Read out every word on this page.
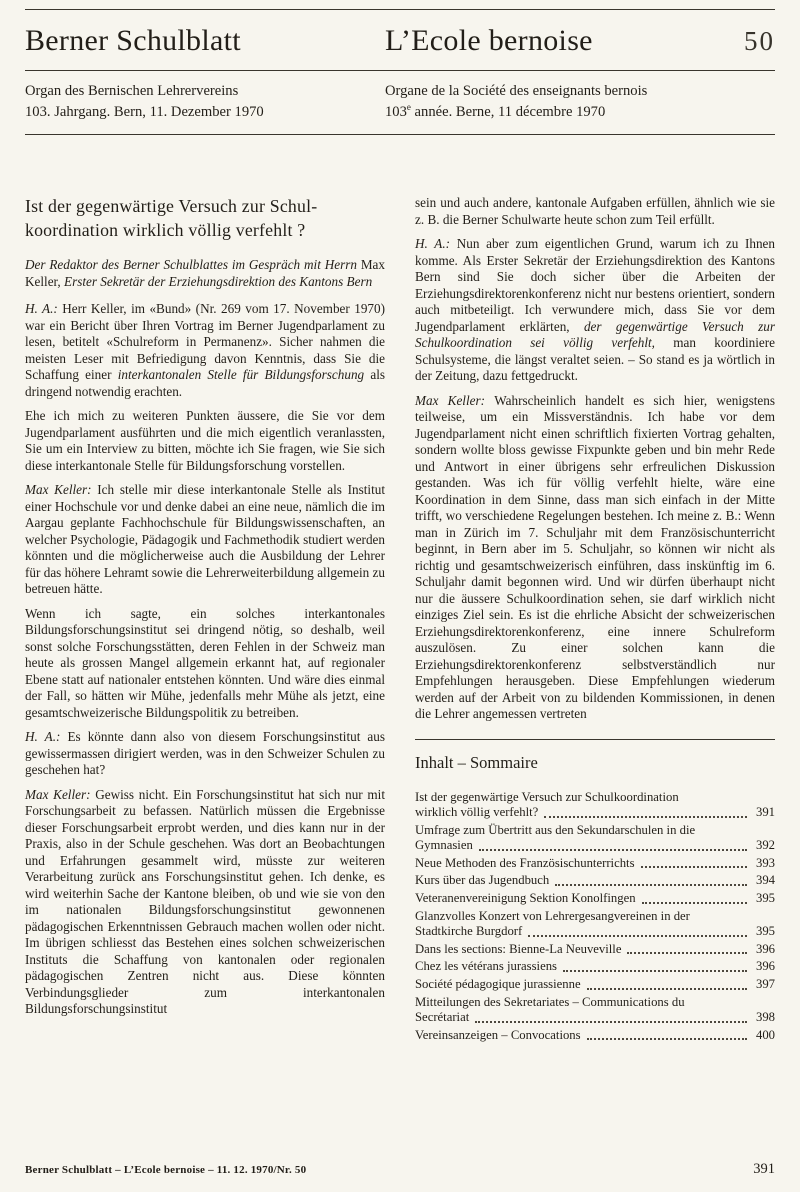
Berner Schulblatt	L’Ecole bernoise	50
Organ des Bernischen Lehrervereins
103. Jahrgang. Bern, 11. Dezember 1970
Organe de la Société des enseignants bernois
103e année. Berne, 11 décembre 1970
Ist der gegenwärtige Versuch zur Schul-
koordination wirklich völlig verfehlt ?

Der Redaktor des Berner Schulblattes im Gespräch mit Herrn Max Keller, Erster Sekretär der Erziehungsdirektion des Kantons Bern

H. A.: Herr Keller, im «Bund» (Nr. 269 vom 17. November 1970) war ein Bericht über Ihren Vortrag im Berner Jugendparlament zu lesen, betitelt «Schulreform in Permanenz». Sicher nahmen die meisten Leser mit Befriedigung davon Kenntnis, dass Sie die Schaffung einer interkantonalen Stelle für Bildungsforschung als dringend notwendig erachten.

Ehe ich mich zu weiteren Punkten äussere, die Sie vor dem Jugendparlament ausführten und die mich eigentlich veranlassten, Sie um ein Interview zu bitten, möchte ich Sie fragen, wie Sie sich diese interkantonale Stelle für Bildungsforschung vorstellen.

Max Keller: Ich stelle mir diese interkantonale Stelle als Institut einer Hochschule vor und denke dabei an eine neue, nämlich die im Aargau geplante Fachhochschule für Bildungswissenschaften, an welcher Psychologie, Pädagogik und Fachmethodik studiert werden könnten und die möglicherweise auch die Ausbildung der Lehrer für das höhere Lehramt sowie die Lehrerweiterbildung allgemein zu betreuen hätte.

Wenn ich sagte, ein solches interkantonales Bildungsforschungsinstitut sei dringend nötig, so deshalb, weil sonst solche Forschungsstätten, deren Fehlen in der Schweiz man heute als grossen Mangel allgemein erkannt hat, auf regionaler Ebene statt auf nationaler entstehen könnten. Und wäre dies einmal der Fall, so hätten wir Mühe, jedenfalls mehr Mühe als jetzt, eine gesamtschweizerische Bildungspolitik zu betreiben.

H. A.: Es könnte dann also von diesem Forschungsinstitut aus gewissermassen dirigiert werden, was in den Schweizer Schulen zu geschehen hat?

Max Keller: Gewiss nicht. Ein Forschungsinstitut hat sich nur mit Forschungsarbeit zu befassen. Natürlich müssen die Ergebnisse dieser Forschungsarbeit erprobt werden, und dies kann nur in der Praxis, also in der Schule geschehen. Was dort an Beobachtungen und Erfahrungen gesammelt wird, müsste zur weiteren Verarbeitung zurück ans Forschungsinstitut gehen. Ich denke, es wird weiterhin Sache der Kantone bleiben, ob und wie sie von den im nationalen Bildungsforschungsinstitut gewonnenen pädagogischen Erkenntnissen Gebrauch machen wollen oder nicht. Im übrigen schliesst das Bestehen eines solchen schweizerischen Instituts die Schaffung von kantonalen oder regionalen pädagogischen Zentren nicht aus. Diese könnten Verbindungsglieder zum interkantonalen Bildungsforschungsinstitut

sein und auch andere, kantonale Aufgaben erfüllen, ähnlich wie sie z. B. die Berner Schulwarte heute schon zum Teil erfüllt.

H. A.: Nun aber zum eigentlichen Grund, warum ich zu Ihnen komme. Als Erster Sekretär der Erziehungsdirektion des Kantons Bern sind Sie doch sicher über die Arbeiten der Erziehungsdirektorenkonferenz nicht nur bestens orientiert, sondern auch mitbeteiligt. Ich verwundere mich, dass Sie vor dem Jugendparlament erklärten, der gegenwärtige Versuch zur Schulkoordination sei völlig verfehlt, man koordiniere Schulsysteme, die längst veraltet seien. – So stand es ja wörtlich in der Zeitung, dazu fettgedruckt.

Max Keller: Wahrscheinlich handelt es sich hier, wenigstens teilweise, um ein Missverständnis. Ich habe vor dem Jugendparlament nicht einen schriftlich fixierten Vortrag gehalten, sondern wollte bloss gewisse Fixpunkte geben und bin mehr Rede und Antwort in einer übrigens sehr erfreulichen Diskussion gestanden. Was ich für völlig verfehlt hielte, wäre eine Koordination in dem Sinne, dass man sich einfach in der Mitte trifft, wo verschiedene Regelungen bestehen. Ich meine z. B.: Wenn man in Zürich im 7. Schuljahr mit dem Französischunterricht beginnt, in Bern aber im 5. Schuljahr, so können wir nicht als richtig und gesamtschweizerisch einführen, dass inskünftig im 6. Schuljahr damit begonnen wird. Und wir dürfen überhaupt nicht nur die äussere Schulkoordination sehen, sie darf wirklich nicht einziges Ziel sein. Es ist die ehrliche Absicht der schweizerischen Erziehungsdirektorenkonferenz, eine innere Schulreform auszulösen. Zu einer solchen kann die Erziehungsdirektorenkonferenz selbstverständlich nur Empfehlungen herausgeben. Diese Empfehlungen wiederum werden auf der Arbeit von zu bildenden Kommissionen, in denen die Lehrer angemessen vertreten

Inhalt – Sommaire
Ist der gegenwärtige Versuch zur Schulkoordination
wirklich völlig verfehlt?	391
Umfrage zum Übertritt aus den Sekundarschulen in die
Gymnasien	392
Neue Methoden des Französischunterrichts	393
Kurs über das Jugendbuch	394
Veteranenvereinigung Sektion Konolfingen	395
Glanzvolles Konzert von Lehrergesangvereinen in der
Stadtkirche Burgdorf	395
Dans les sections: Bienne-La Neuveville	396
Chez les vétérans jurassiens	396
Société pédagogique jurassienne	397
Mitteilungen des Sekretariates – Communications du
Secrétariat	398
Vereinsanzeigen – Convocations	400
Berner Schulblatt – L’Ecole bernoise – 11. 12. 1970/Nr. 50	391
